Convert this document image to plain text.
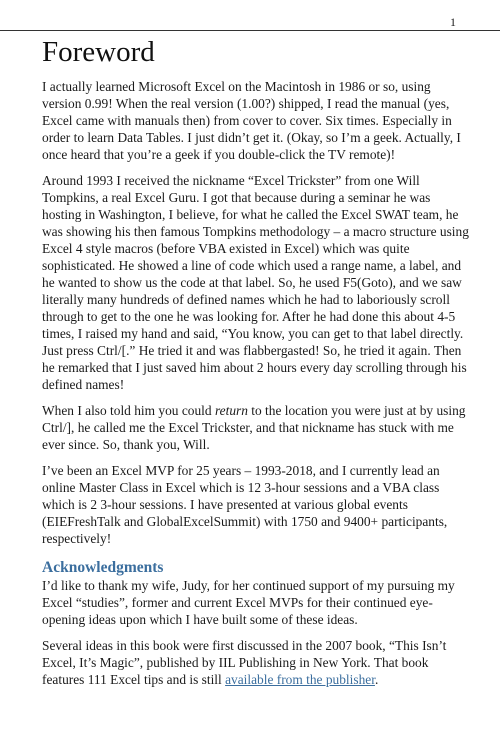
1
Foreword

I actually learned Microsoft Excel on the Macintosh in 1986 or so, using version 0.99! When the real version (1.00?) shipped, I read the manual (yes, Excel came with manuals then) from cover to cover. Six times. Especially in order to learn Data Tables. I just didn’t get it. (Okay, so I’m a geek. Actually, I once heard that you’re a geek if you double-click the TV remote)!

Around 1993 I received the nickname “Excel Trickster” from one Will Tompkins, a real Excel Guru. I got that because during a seminar he was hosting in Washington, I believe, for what he called the Excel SWAT team, he was showing his then famous Tompkins methodology – a macro structure using Excel 4 style macros (before VBA existed in Excel) which was quite sophisticated. He showed a line of code which used a range name, a label, and he wanted to show us the code at that label. So, he used F5(Goto), and we saw literally many hundreds of defined names which he had to laboriously scroll through to get to the one he was looking for. After he had done this about 4-5 times, I raised my hand and said, “You know, you can get to that label directly. Just press Ctrl/[.” He tried it and was flabbergasted! So, he tried it again. Then he remarked that I just saved him about 2 hours every day scrolling through his defined names!

When I also told him you could return to the location you were just at by using Ctrl/], he called me the Excel Trickster, and that nickname has stuck with me ever since. So, thank you, Will.

I’ve been an Excel MVP for 25 years – 1993-2018, and I currently lead an online Master Class in Excel which is 12 3-hour sessions and a VBA class which is 2 3-hour sessions. I have presented at various global events (EIEFreshTalk and GlobalExcelSummit) with 1750 and 9400+ participants, respectively!

Acknowledgments

I’d like to thank my wife, Judy, for her continued support of my pursuing my Excel “studies”, former and current Excel MVPs for their continued eye-opening ideas upon which I have built some of these ideas.

Several ideas in this book were first discussed in the 2007 book, “This Isn’t Excel, It’s Magic”, published by IIL Publishing in New York. That book features 111 Excel tips and is still available from the publisher.
